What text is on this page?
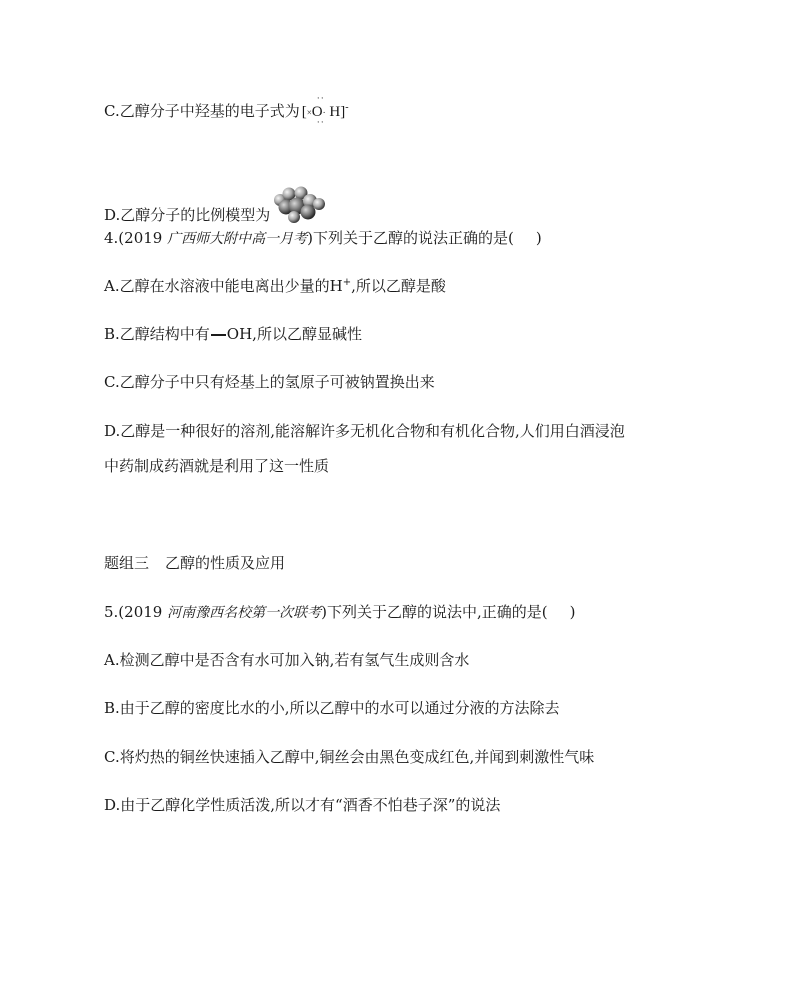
C.乙醇分子中羟基的电子式为 [×
··
··
O· H]-
D.乙醇分子的比例模型为
4.(2019 广西师大附中高一月考)下列关于乙醇的说法正确的是( )
A.乙醇在水溶液中能电离出少量的H+,所以乙醇是酸
B.乙醇结构中有 OH,所以乙醇显碱性
C.乙醇分子中只有烃基上的氢原子可被钠置换出来
D.乙醇是一种很好的溶剂,能溶解许多无机化合物和有机化合物,人们用白酒浸泡
中药制成药酒就是利用了这一性质
题组三 乙醇的性质及应用
5.(2019 河南豫西名校第一次联考)下列关于乙醇的说法中,正确的是( )
A.检测乙醇中是否含有水可加入钠,若有氢气生成则含水
B.由于乙醇的密度比水的小,所以乙醇中的水可以通过分液的方法除去
C.将灼热的铜丝快速插入乙醇中,铜丝会由黑色变成红色,并闻到刺激性气味
D.由于乙醇化学性质活泼,所以才有“酒香不怕巷子深”的说法
